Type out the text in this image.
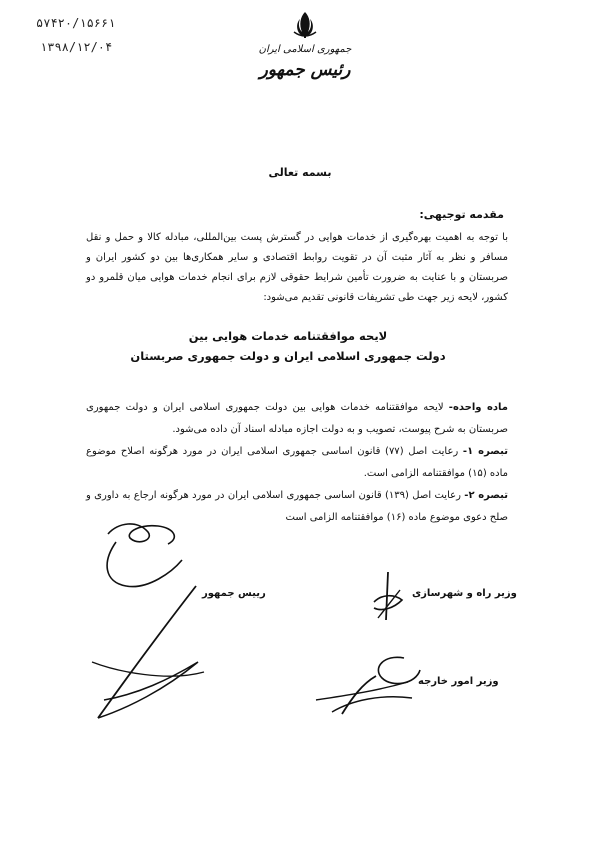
۵۷۴۲۰/۱۵۶۶۱
۱۳۹۸/۱۲/۰۴	جمهوری اسلامی ایران
رئیس جمهور
بسمه تعالی
مقدمه توجیهی:
با توجه به اهمیت بهره‌گیری از خدمات هوایی در گسترش پست بین‌المللی، مبادله کالا و حمل و نقل مسافر و نظر به آثار مثبت آن در تقویت روابط اقتصادی و سایر همکاری‌ها بین دو کشور ایران و صربستان و با عنایت به ضرورت تأمین شرایط حقوقی لازم برای انجام خدمات هوایی میان قلمرو دو کشور، لایحه زیر جهت طی تشریفات قانونی تقدیم می‌شود:
لایحه موافقتنامه خدمات هوایی بین
دولت جمهوری اسلامی ایران و دولت جمهوری صربستان
ماده واحده- لایحه موافقتنامه خدمات هوایی بین دولت جمهوری اسلامی ایران و دولت جمهوری صربستان به شرح پیوست، تصویب و به دولت اجازه مبادله اسناد آن داده می‌شود.
تبصره ۱- رعایت اصل (۷۷) قانون اساسی جمهوری اسلامی ایران در مورد هرگونه اصلاح موضوع ماده (۱۵) موافقتنامه الزامی است.
تبصره ۲- رعایت اصل (۱۳۹) قانون اساسی جمهوری اسلامی ایران در مورد هرگونه ارجاع به داوری و صلح دعوی موضوع ماده (۱۶) موافقتنامه الزامی است
رییس جمهور	وزیر راه و شهرسازی
وزیر امور خارجه
